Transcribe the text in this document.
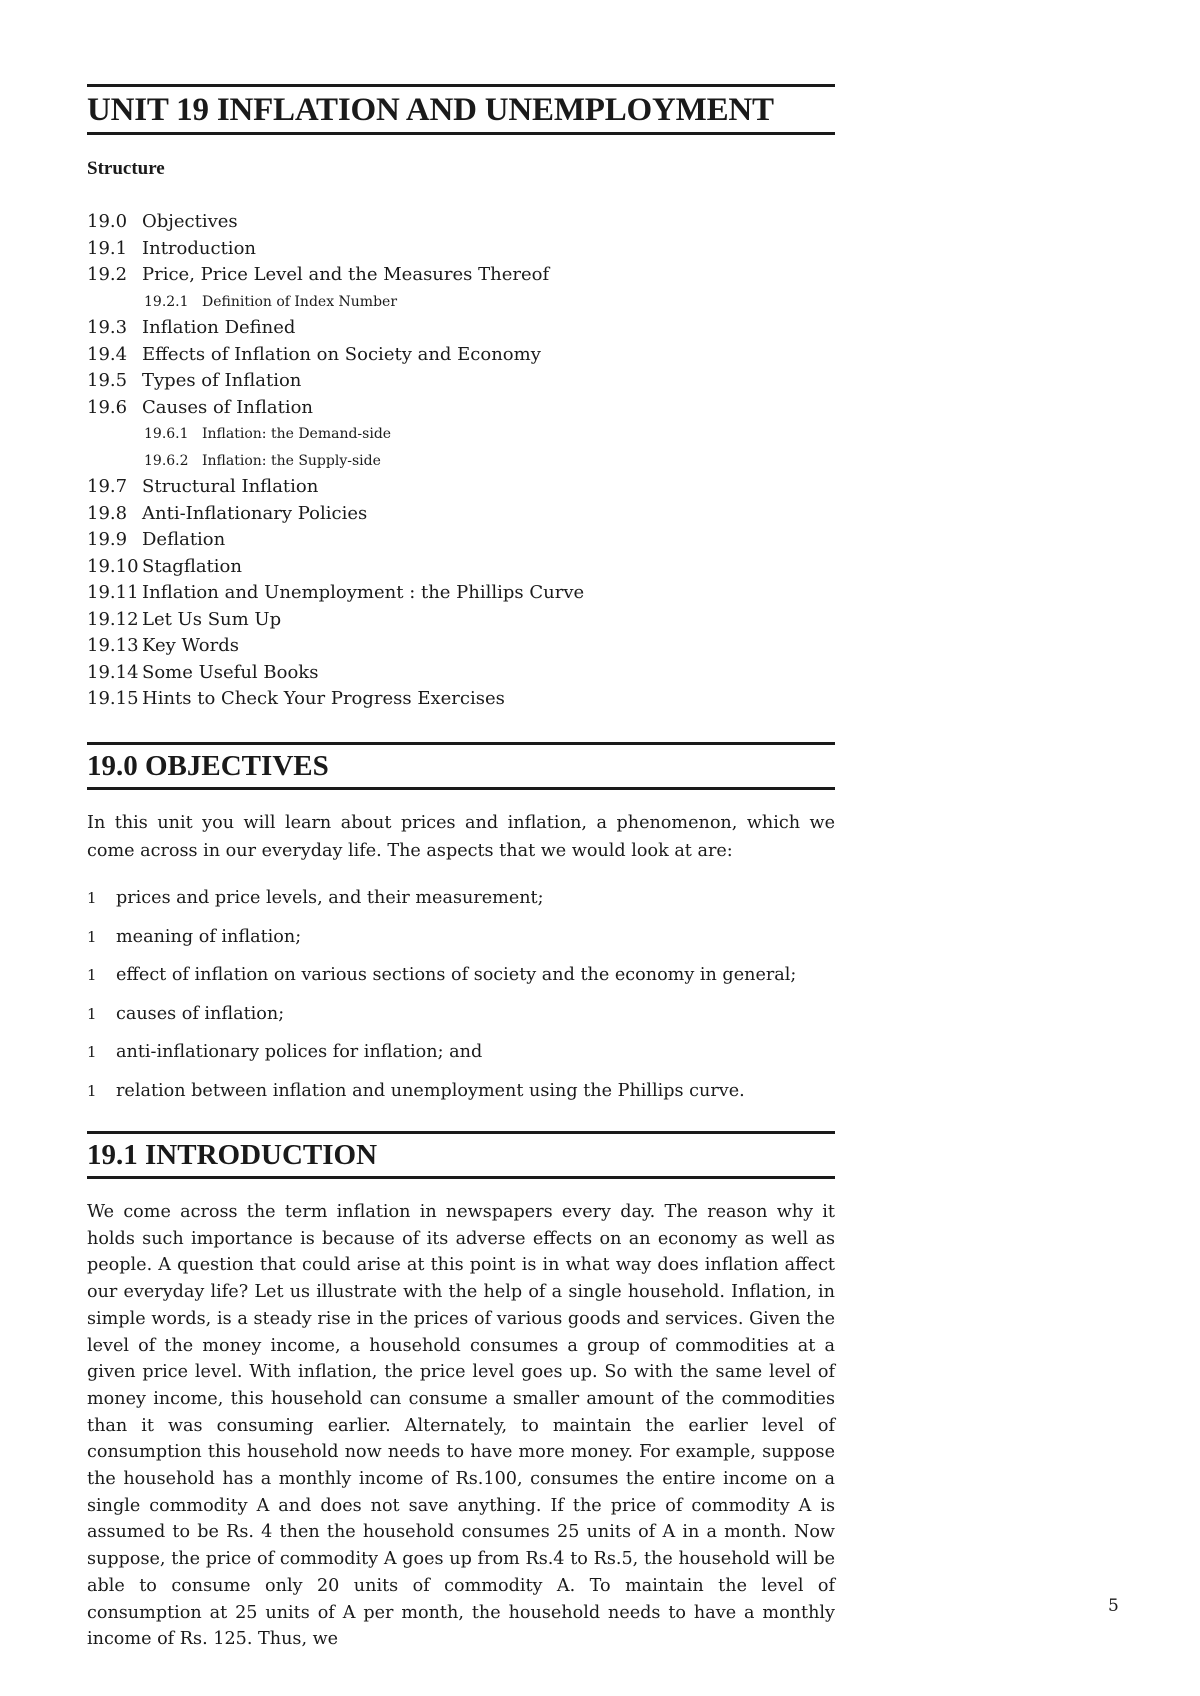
UNIT 19 INFLATION AND UNEMPLOYMENT
Structure
19.0 Objectives
19.1 Introduction
19.2 Price, Price Level and the Measures Thereof
19.2.1 Definition of Index Number
19.3 Inflation Defined
19.4 Effects of Inflation on Society and Economy
19.5 Types of Inflation
19.6 Causes of Inflation
19.6.1 Inflation: the Demand-side
19.6.2 Inflation: the Supply-side
19.7 Structural Inflation
19.8 Anti-Inflationary Policies
19.9 Deflation
19.10 Stagflation
19.11 Inflation and Unemployment : the Phillips Curve
19.12 Let Us Sum Up
19.13 Key Words
19.14 Some Useful Books
19.15 Hints to Check Your Progress Exercises
19.0 OBJECTIVES

In this unit you will learn about prices and inflation, a phenomenon, which we come across in our everyday life. The aspects that we would look at are:

1 prices and price levels, and their measurement;
1 meaning of inflation;
1 effect of inflation on various sections of society and the economy in general;
1 causes of inflation;
1 anti-inflationary polices for inflation; and
1 relation between inflation and unemployment using the Phillips curve.
19.1 INTRODUCTION

We come across the term inflation in newspapers every day. The reason why it holds such importance is because of its adverse effects on an economy as well as people. A question that could arise at this point is in what way does inflation affect our everyday life? Let us illustrate with the help of a single household. Inflation, in simple words, is a steady rise in the prices of various goods and services. Given the level of the money income, a household consumes a group of commodities at a given price level. With inflation, the price level goes up. So with the same level of money income, this household can consume a smaller amount of the commodities than it was consuming earlier. Alternately, to maintain the earlier level of consumption this household now needs to have more money. For example, suppose the household has a monthly income of Rs.100, consumes the entire income on a single commodity A and does not save anything. If the price of commodity A is assumed to be Rs. 4 then the household consumes 25 units of A in a month. Now suppose, the price of commodity A goes up from Rs.4 to Rs.5, the household will be able to consume only 20 units of commodity A. To maintain the level of consumption at 25 units of A per month, the household needs to have a monthly income of Rs. 125. Thus, we

5
